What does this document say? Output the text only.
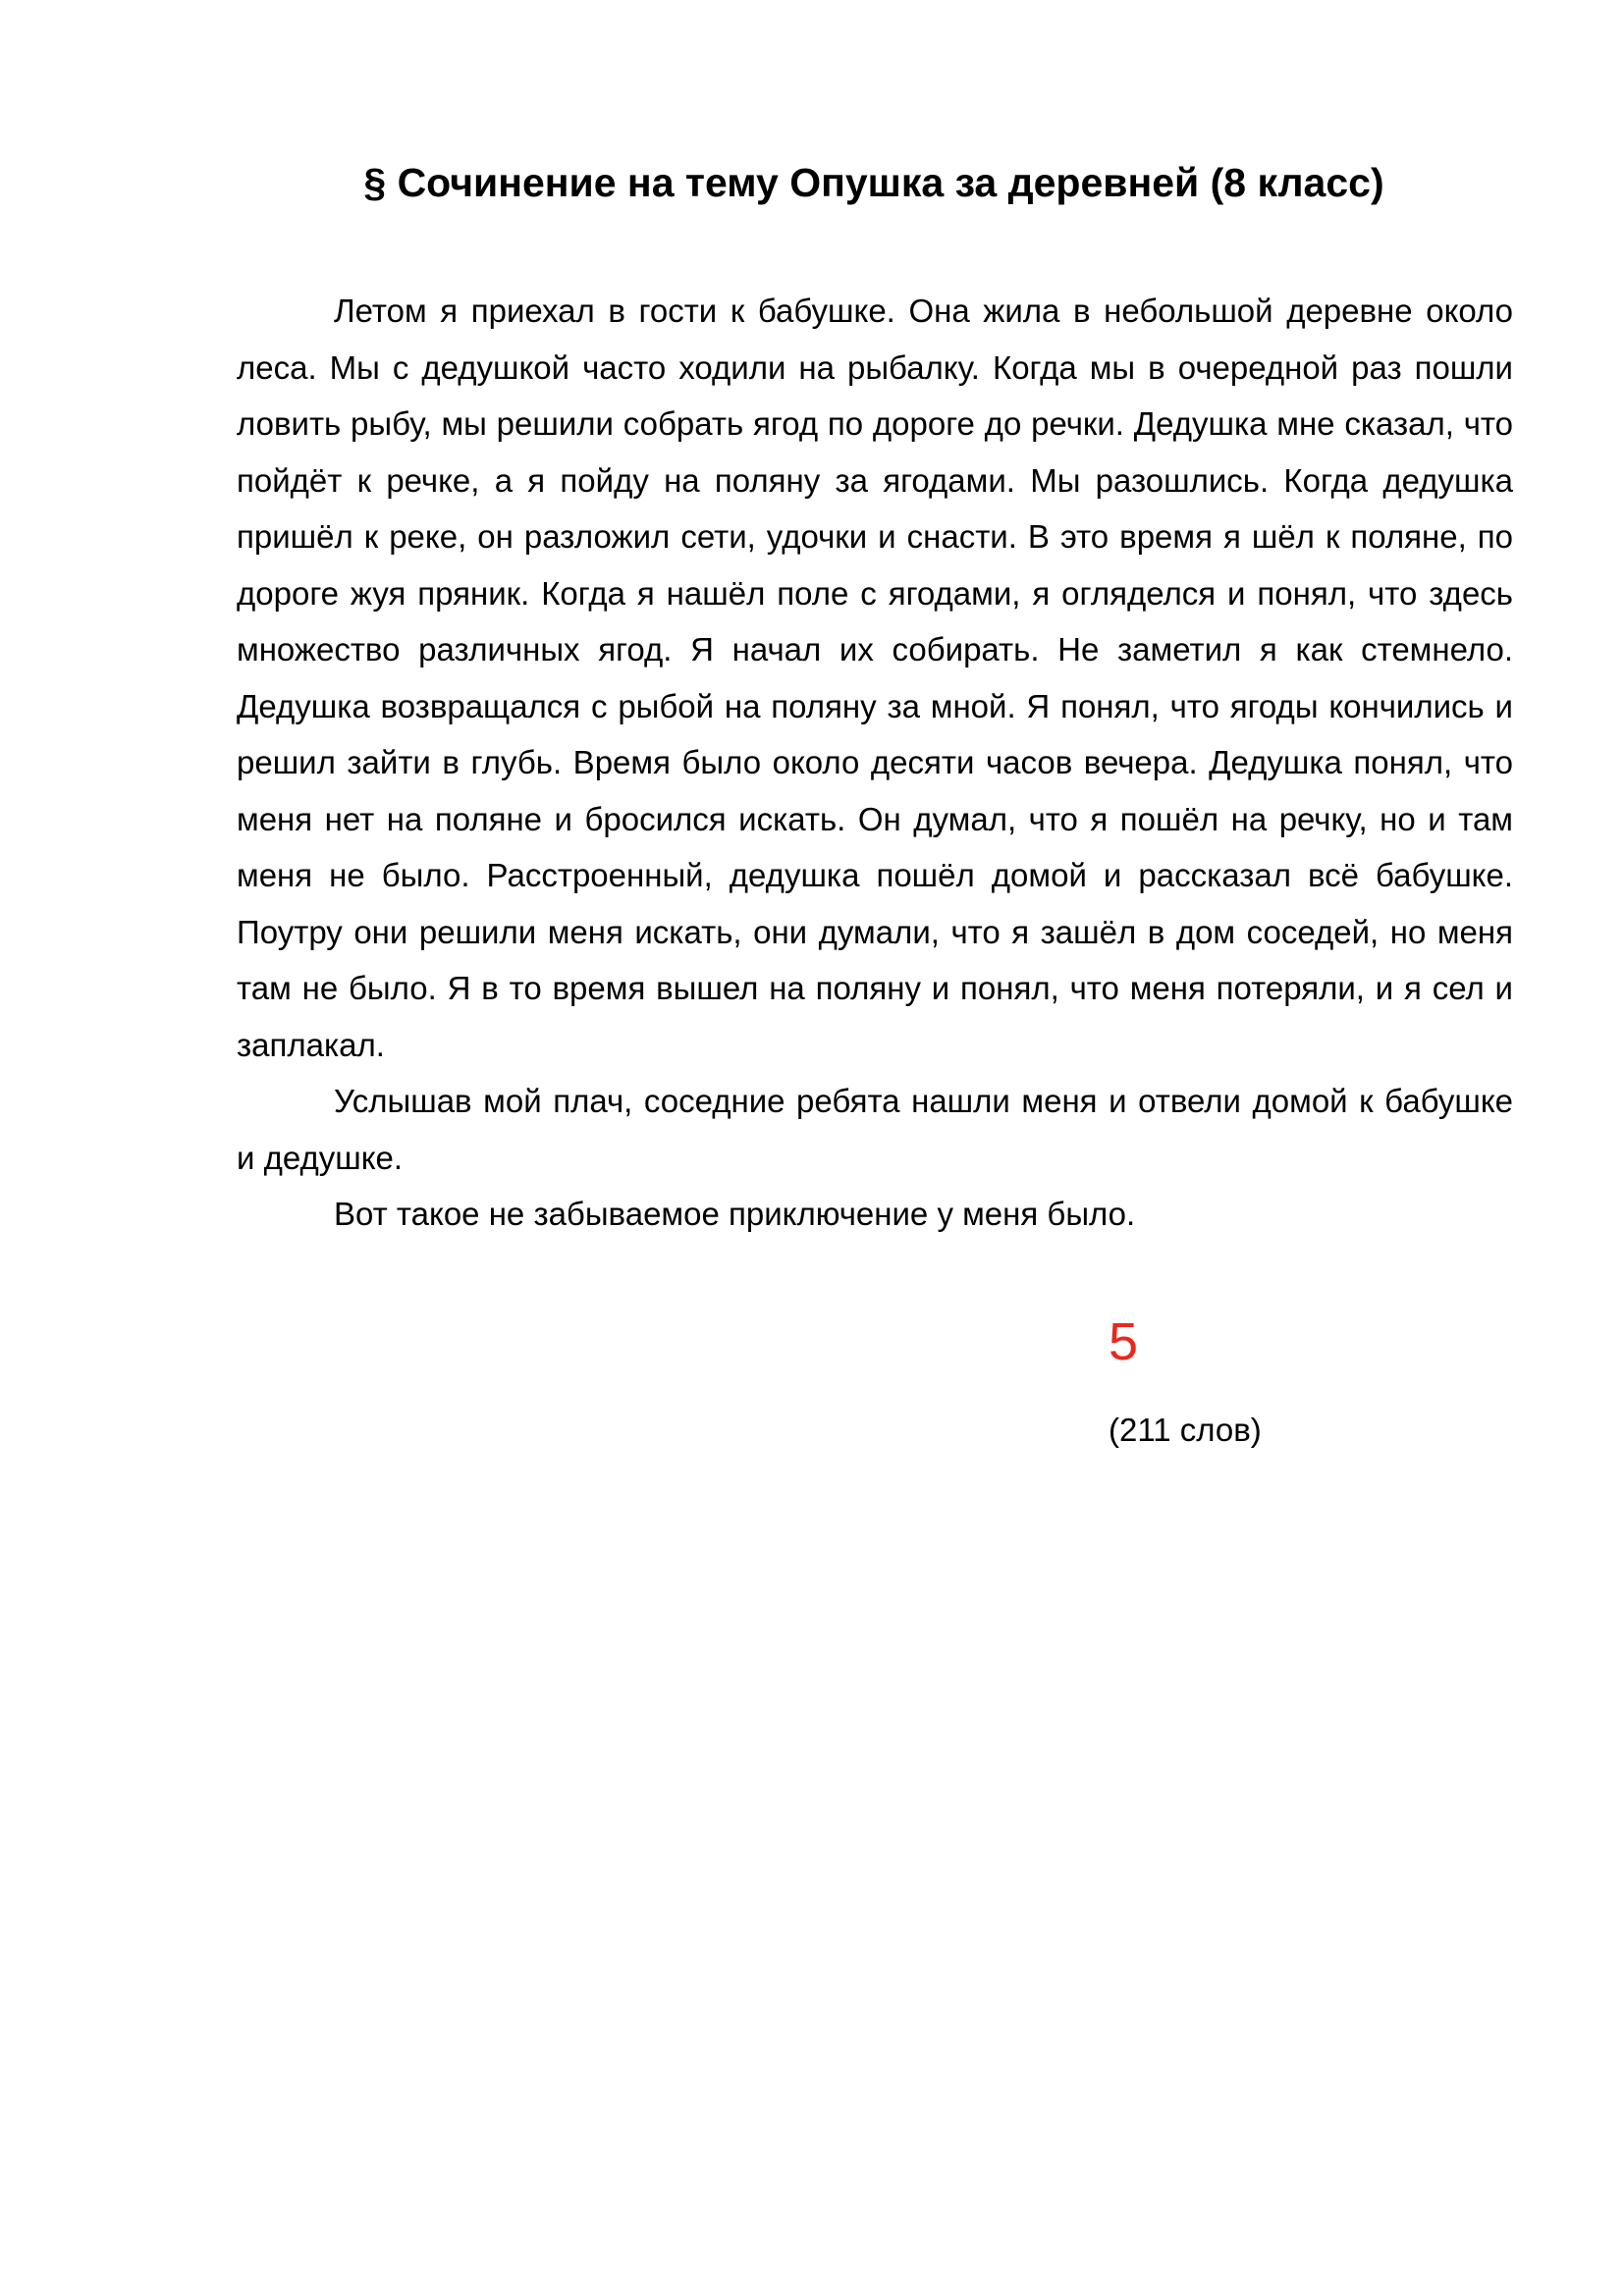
§ Сочинение на тему Опушка за деревней (8 класс)

Летом я приехал в гости к бабушке. Она жила в небольшой деревне около леса. Мы с дедушкой часто ходили на рыбалку. Когда мы в очередной раз пошли ловить рыбу, мы решили собрать ягод по дороге до речки. Дедушка мне сказал, что пойдёт к речке, а я пойду на поляну за ягодами. Мы разошлись. Когда дедушка пришёл к реке, он разложил сети, удочки и снасти. В это время я шёл к поляне, по дороге жуя пряник. Когда я нашёл поле с ягодами, я огляделся и понял, что здесь множество различных ягод. Я начал их собирать. Не заметил я как стемнело. Дедушка возвращался с рыбой на поляну за мной. Я понял, что ягоды кончились и решил зайти в глубь. Время было около десяти часов вечера. Дедушка понял, что меня нет на поляне и бросился искать. Он думал, что я пошёл на речку, но и там меня не было. Расстроенный, дедушка пошёл домой и рассказал всё бабушке. Поутру они решили меня искать, они думали, что я зашёл в дом соседей, но меня там не было. Я в то время вышел на поляну и понял, что меня потеряли, и я сел и заплакал.

Услышав мой плач, соседние ребята нашли меня и отвели домой к бабушке и дедушке.

Вот такое не забываемое приключение у меня было.

5
(211 слов)
